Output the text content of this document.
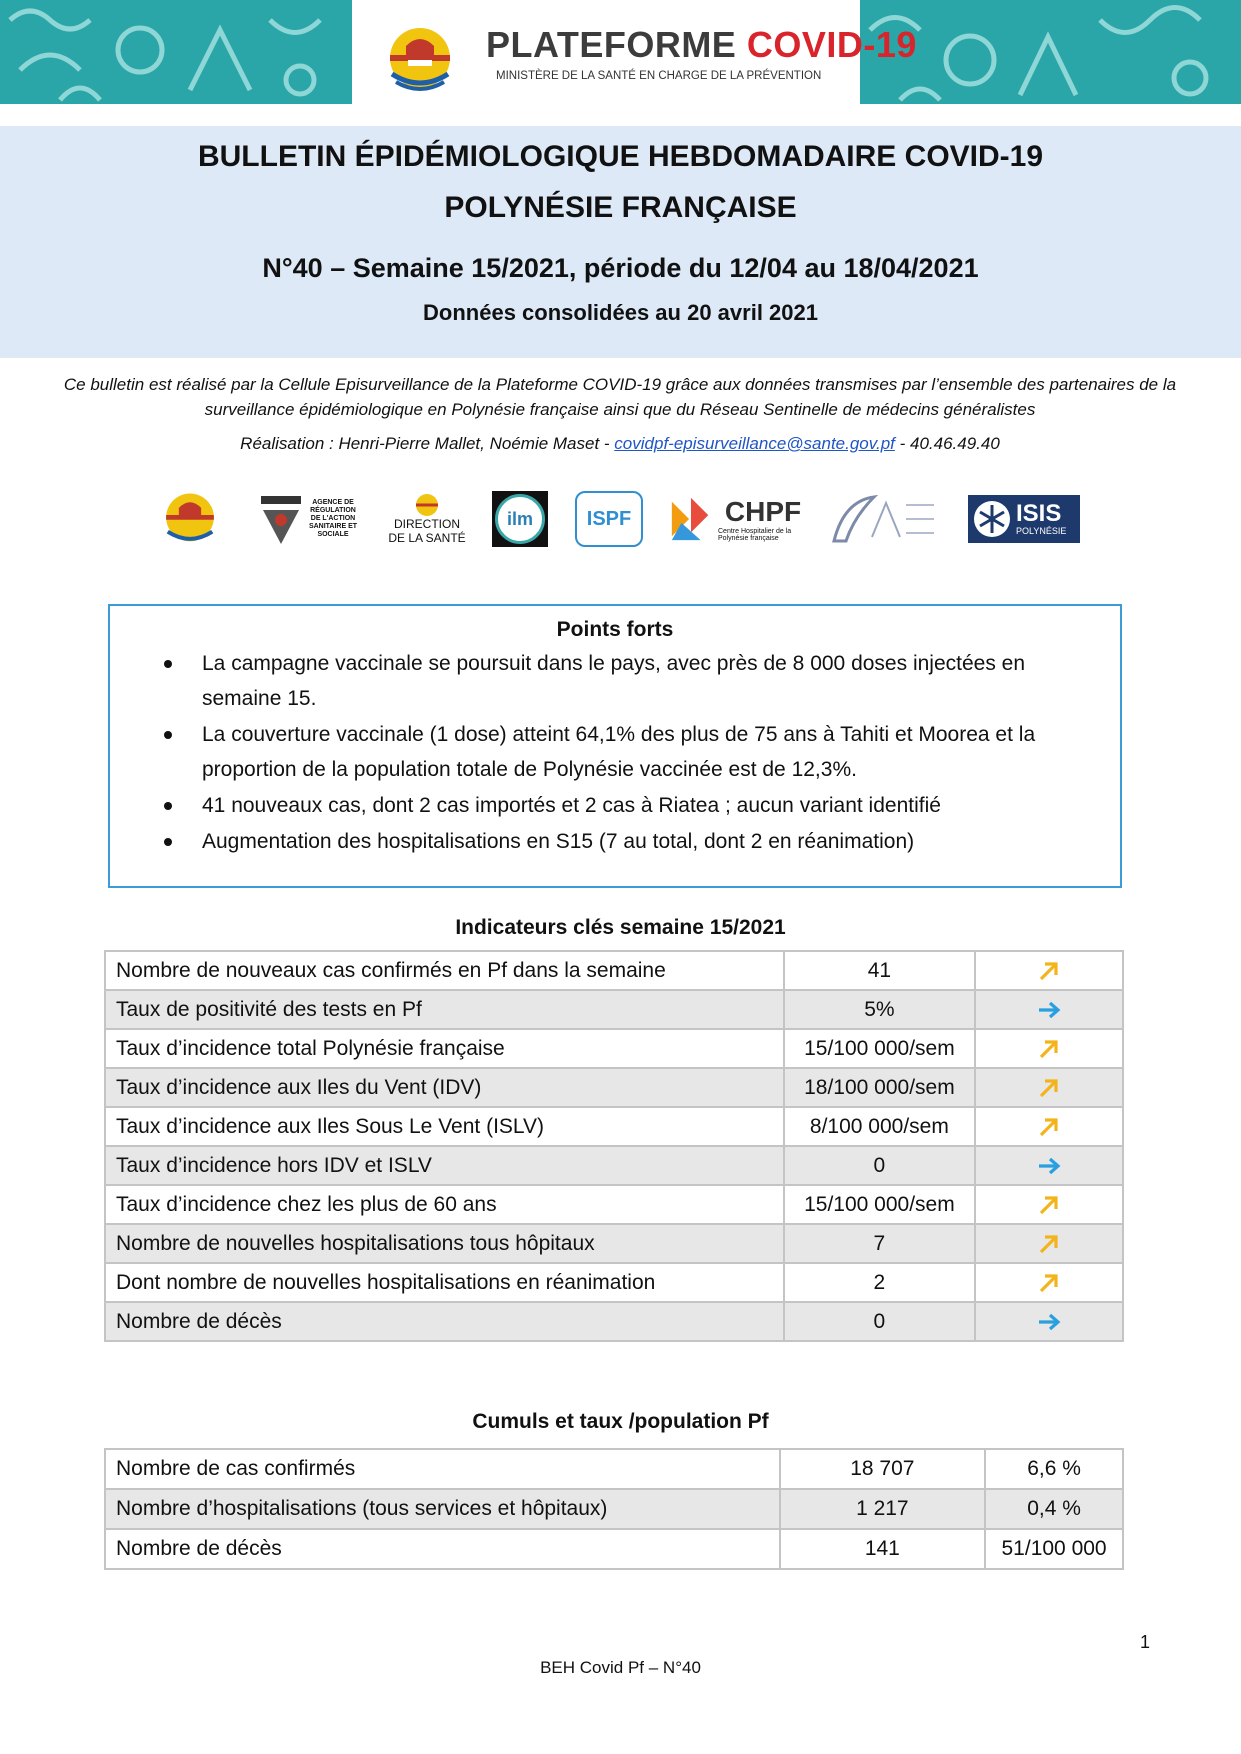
PLATEFORME COVID-19
MINISTÈRE DE LA SANTÉ EN CHARGE DE LA PRÉVENTION
BULLETIN ÉPIDÉMIOLOGIQUE HEBDOMADAIRE COVID-19
POLYNÉSIE FRANÇAISE
N°40 – Semaine 15/2021, période du 12/04 au 18/04/2021
Données consolidées au 20 avril 2021
Ce bulletin est réalisé par la Cellule Episurveillance de la Plateforme COVID-19 grâce aux données transmises par l’ensemble des partenaires de la surveillance épidémiologique en Polynésie française ainsi que du Réseau Sentinelle de médecins généralistes
Réalisation : Henri-Pierre Mallet, Noémie Maset - covidpf-episurveillance@sante.gov.pf - 40.46.49.40
AGENCE DE RÉGULATION DE L'ACTION SANITAIRE ET SOCIALE
DIRECTION
DE LA SANTÉ
ilm	ISPF	CHPF
Centre Hospitalier de la Polynésie française
ISIS
POLYNÉSIE
Points forts
La campagne vaccinale se poursuit dans le pays, avec près de 8 000 doses injectées en semaine 15.
La couverture vaccinale (1 dose) atteint 64,1% des plus de 75 ans à Tahiti et Moorea et la proportion de la population totale de Polynésie vaccinée est de 12,3%.
41 nouveaux cas, dont 2 cas importés et 2 cas à Riatea ; aucun variant identifié
Augmentation des hospitalisations en S15 (7 au total, dont 2 en réanimation)
Indicateurs clés semaine 15/2021
Nombre de nouveaux cas confirmés en Pf dans la semaine	41	
Taux de positivité des tests en Pf	5%	
Taux d’incidence total Polynésie française	15/100 000/sem	
Taux d’incidence aux Iles du Vent (IDV)	18/100 000/sem	
Taux d’incidence aux Iles Sous Le Vent (ISLV)	8/100 000/sem	
Taux d’incidence hors IDV et ISLV	0	
Taux d’incidence chez les plus de 60 ans	15/100 000/sem	
Nombre de nouvelles hospitalisations tous hôpitaux	7	
Dont nombre de nouvelles hospitalisations en réanimation	2	
Nombre de décès	0	
Cumuls et taux /population Pf
Nombre de cas confirmés	18 707	6,6 %
Nombre d’hospitalisations (tous services et hôpitaux)	1 217	0,4 %
Nombre de décès	141	51/100 000
1
BEH Covid Pf – N°40
